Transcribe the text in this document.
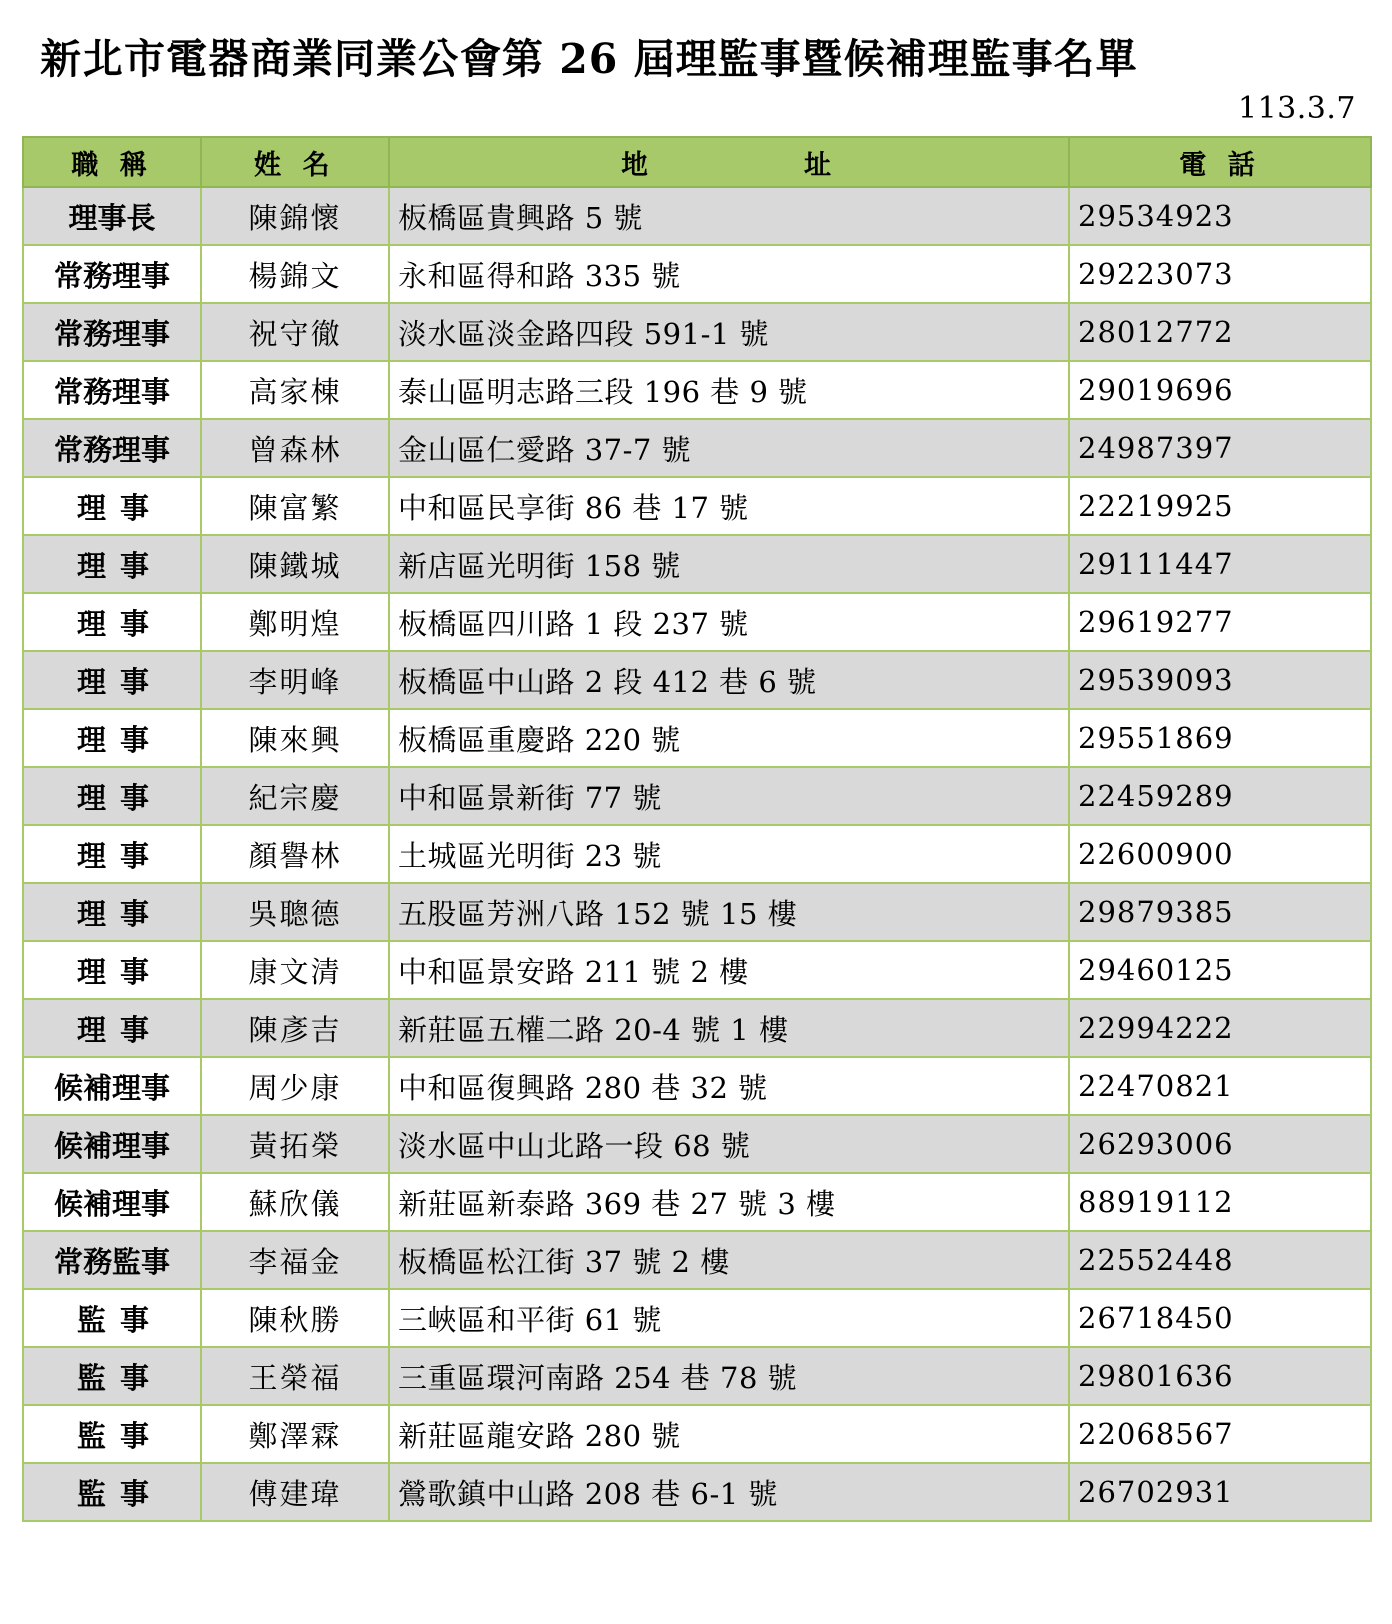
新北市電器商業同業公會第 26 屆理監事暨候補理監事名單
113.3.7
職 稱	姓 名	地 址	電 話
理事長	陳錦懷	板橋區貴興路 5 號	29534923
常務理事	楊錦文	永和區得和路 335 號	29223073
常務理事	祝守徹	淡水區淡金路四段 591-1 號	28012772
常務理事	高家棟	泰山區明志路三段 196 巷 9 號	29019696
常務理事	曾森林	金山區仁愛路 37-7 號	24987397
理事	陳富繁	中和區民享街 86 巷 17 號	22219925
理事	陳鐵城	新店區光明街 158 號	29111447
理事	鄭明煌	板橋區四川路 1 段 237 號	29619277
理事	李明峰	板橋區中山路 2 段 412 巷 6 號	29539093
理事	陳來興	板橋區重慶路 220 號	29551869
理事	紀宗慶	中和區景新街 77 號	22459289
理事	顏譽林	土城區光明街 23 號	22600900
理事	吳聰德	五股區芳洲八路 152 號 15 樓	29879385
理事	康文清	中和區景安路 211 號 2 樓	29460125
理事	陳彥吉	新莊區五權二路 20-4 號 1 樓	22994222
候補理事	周少康	中和區復興路 280 巷 32 號	22470821
候補理事	黃拓榮	淡水區中山北路一段 68 號	26293006
候補理事	蘇欣儀	新莊區新泰路 369 巷 27 號 3 樓	88919112
常務監事	李福金	板橋區松江街 37 號 2 樓	22552448
監事	陳秋勝	三峽區和平街 61 號	26718450
監事	王榮福	三重區環河南路 254 巷 78 號	29801636
監事	鄭澤霖	新莊區龍安路 280 號	22068567
監事	傅建瑋	鶯歌鎮中山路 208 巷 6-1 號	26702931
